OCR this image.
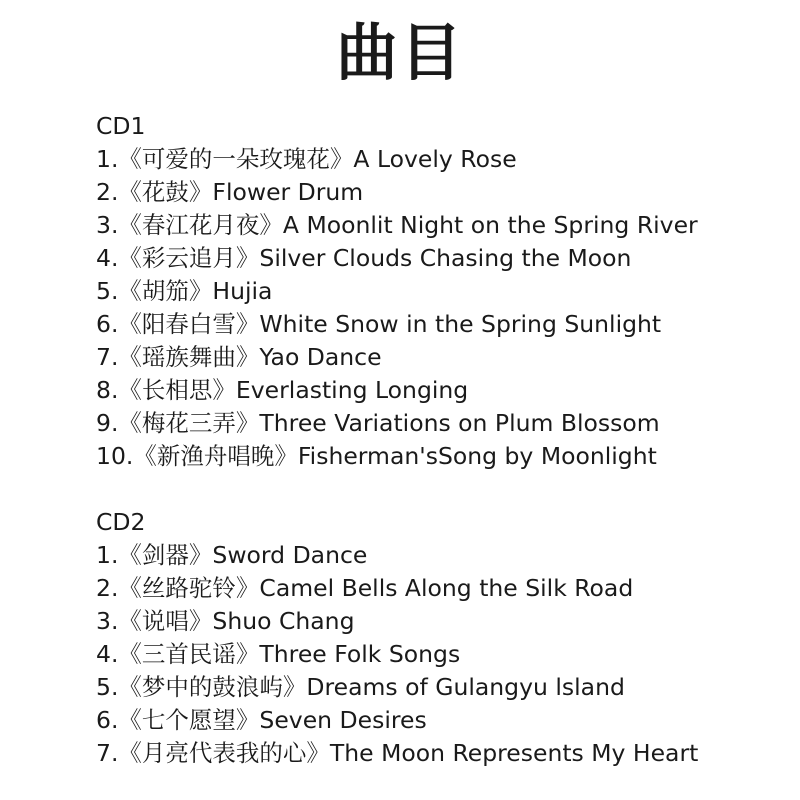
曲目
CD1
1.《可爱的一朵玫瑰花》A Lovely Rose
2.《花鼓》Flower Drum
3.《春江花月夜》A Moonlit Night on the Spring River
4.《彩云追月》Silver Clouds Chasing the Moon
5.《胡笳》Hujia
6.《阳春白雪》White Snow in the Spring Sunlight
7.《瑶族舞曲》Yao Dance
8.《长相思》Everlasting Longing
9.《梅花三弄》Three Variations on Plum Blossom
10.《新渔舟唱晚》Fisherman'sSong by Moonlight
CD2
1.《剑器》Sword Dance
2.《丝路驼铃》Camel Bells Along the Silk Road
3.《说唱》Shuo Chang
4.《三首民谣》Three Folk Songs
5.《梦中的鼓浪屿》Dreams of Gulangyu lsland
6.《七个愿望》Seven Desires
7.《月亮代表我的心》The Moon Represents My Heart
